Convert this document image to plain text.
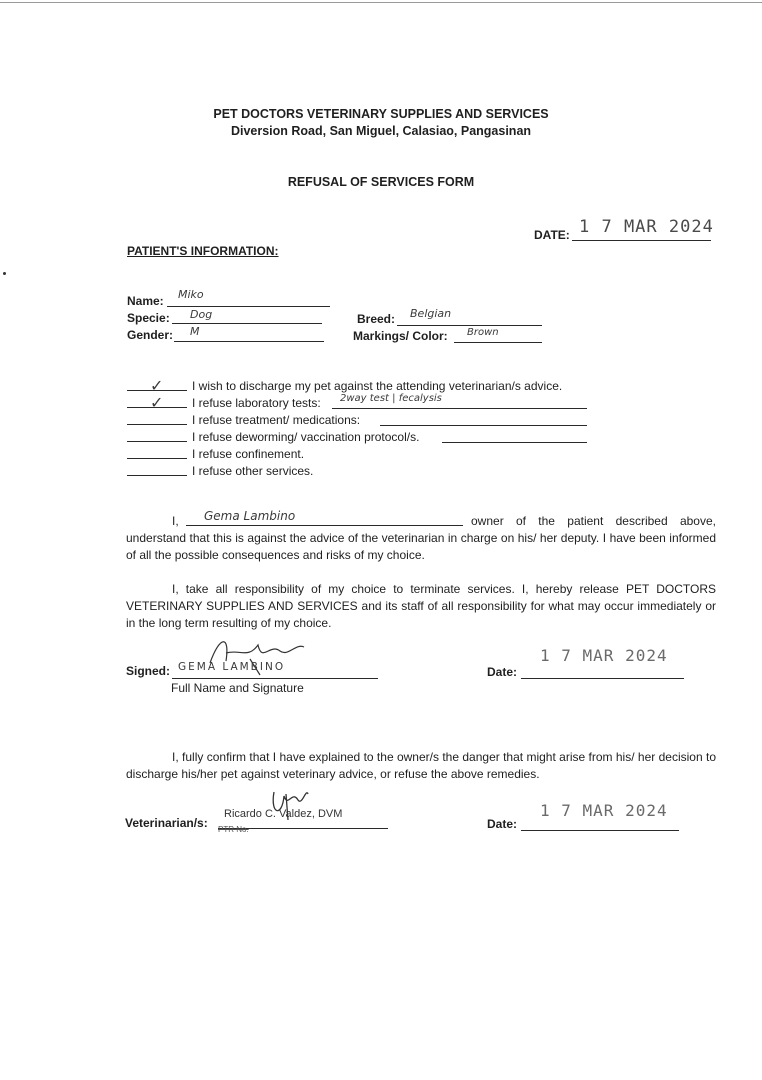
PET DOCTORS VETERINARY SUPPLIES AND SERVICES
Diversion Road, San Miguel, Calasiao, Pangasinan
REFUSAL OF SERVICES FORM
DATE: 1 7 MAR 2024
PATIENT'S INFORMATION:
Name: Miko
Specie: Dog
Gender: M
Breed: Belgian
Markings/ Color: Brown
✓ I wish to discharge my pet against the attending veterinarian/s advice.
✓ I refuse laboratory tests: 2way test | fecalysis
I refuse treatment/ medications:
I refuse deworming/ vaccination protocol/s.
I refuse confinement.
I refuse other services.
I, Gema Lambino	owner of the patient described above,
understand that this is against the advice of the veterinarian in charge on his/ her deputy. I have been informed of all the possible consequences and risks of my choice.
I, take all responsibility of my choice to terminate services. I, hereby release PET DOCTORS VETERINARY SUPPLIES AND SERVICES and its staff of all responsibility for what may occur immediately or in the long term resulting of my choice.
Signed: GEMA LAMBINO
Full Name and Signature
Date:
1 7 MAR 2024
I, fully confirm that I have explained to the owner/s the danger that might arise from his/ her decision to discharge his/her pet against veterinary advice, or refuse the above remedies.
Veterinarian/s:
Ricardo C. Valdez, DVM
PTR No.	Date:
1 7 MAR 2024
